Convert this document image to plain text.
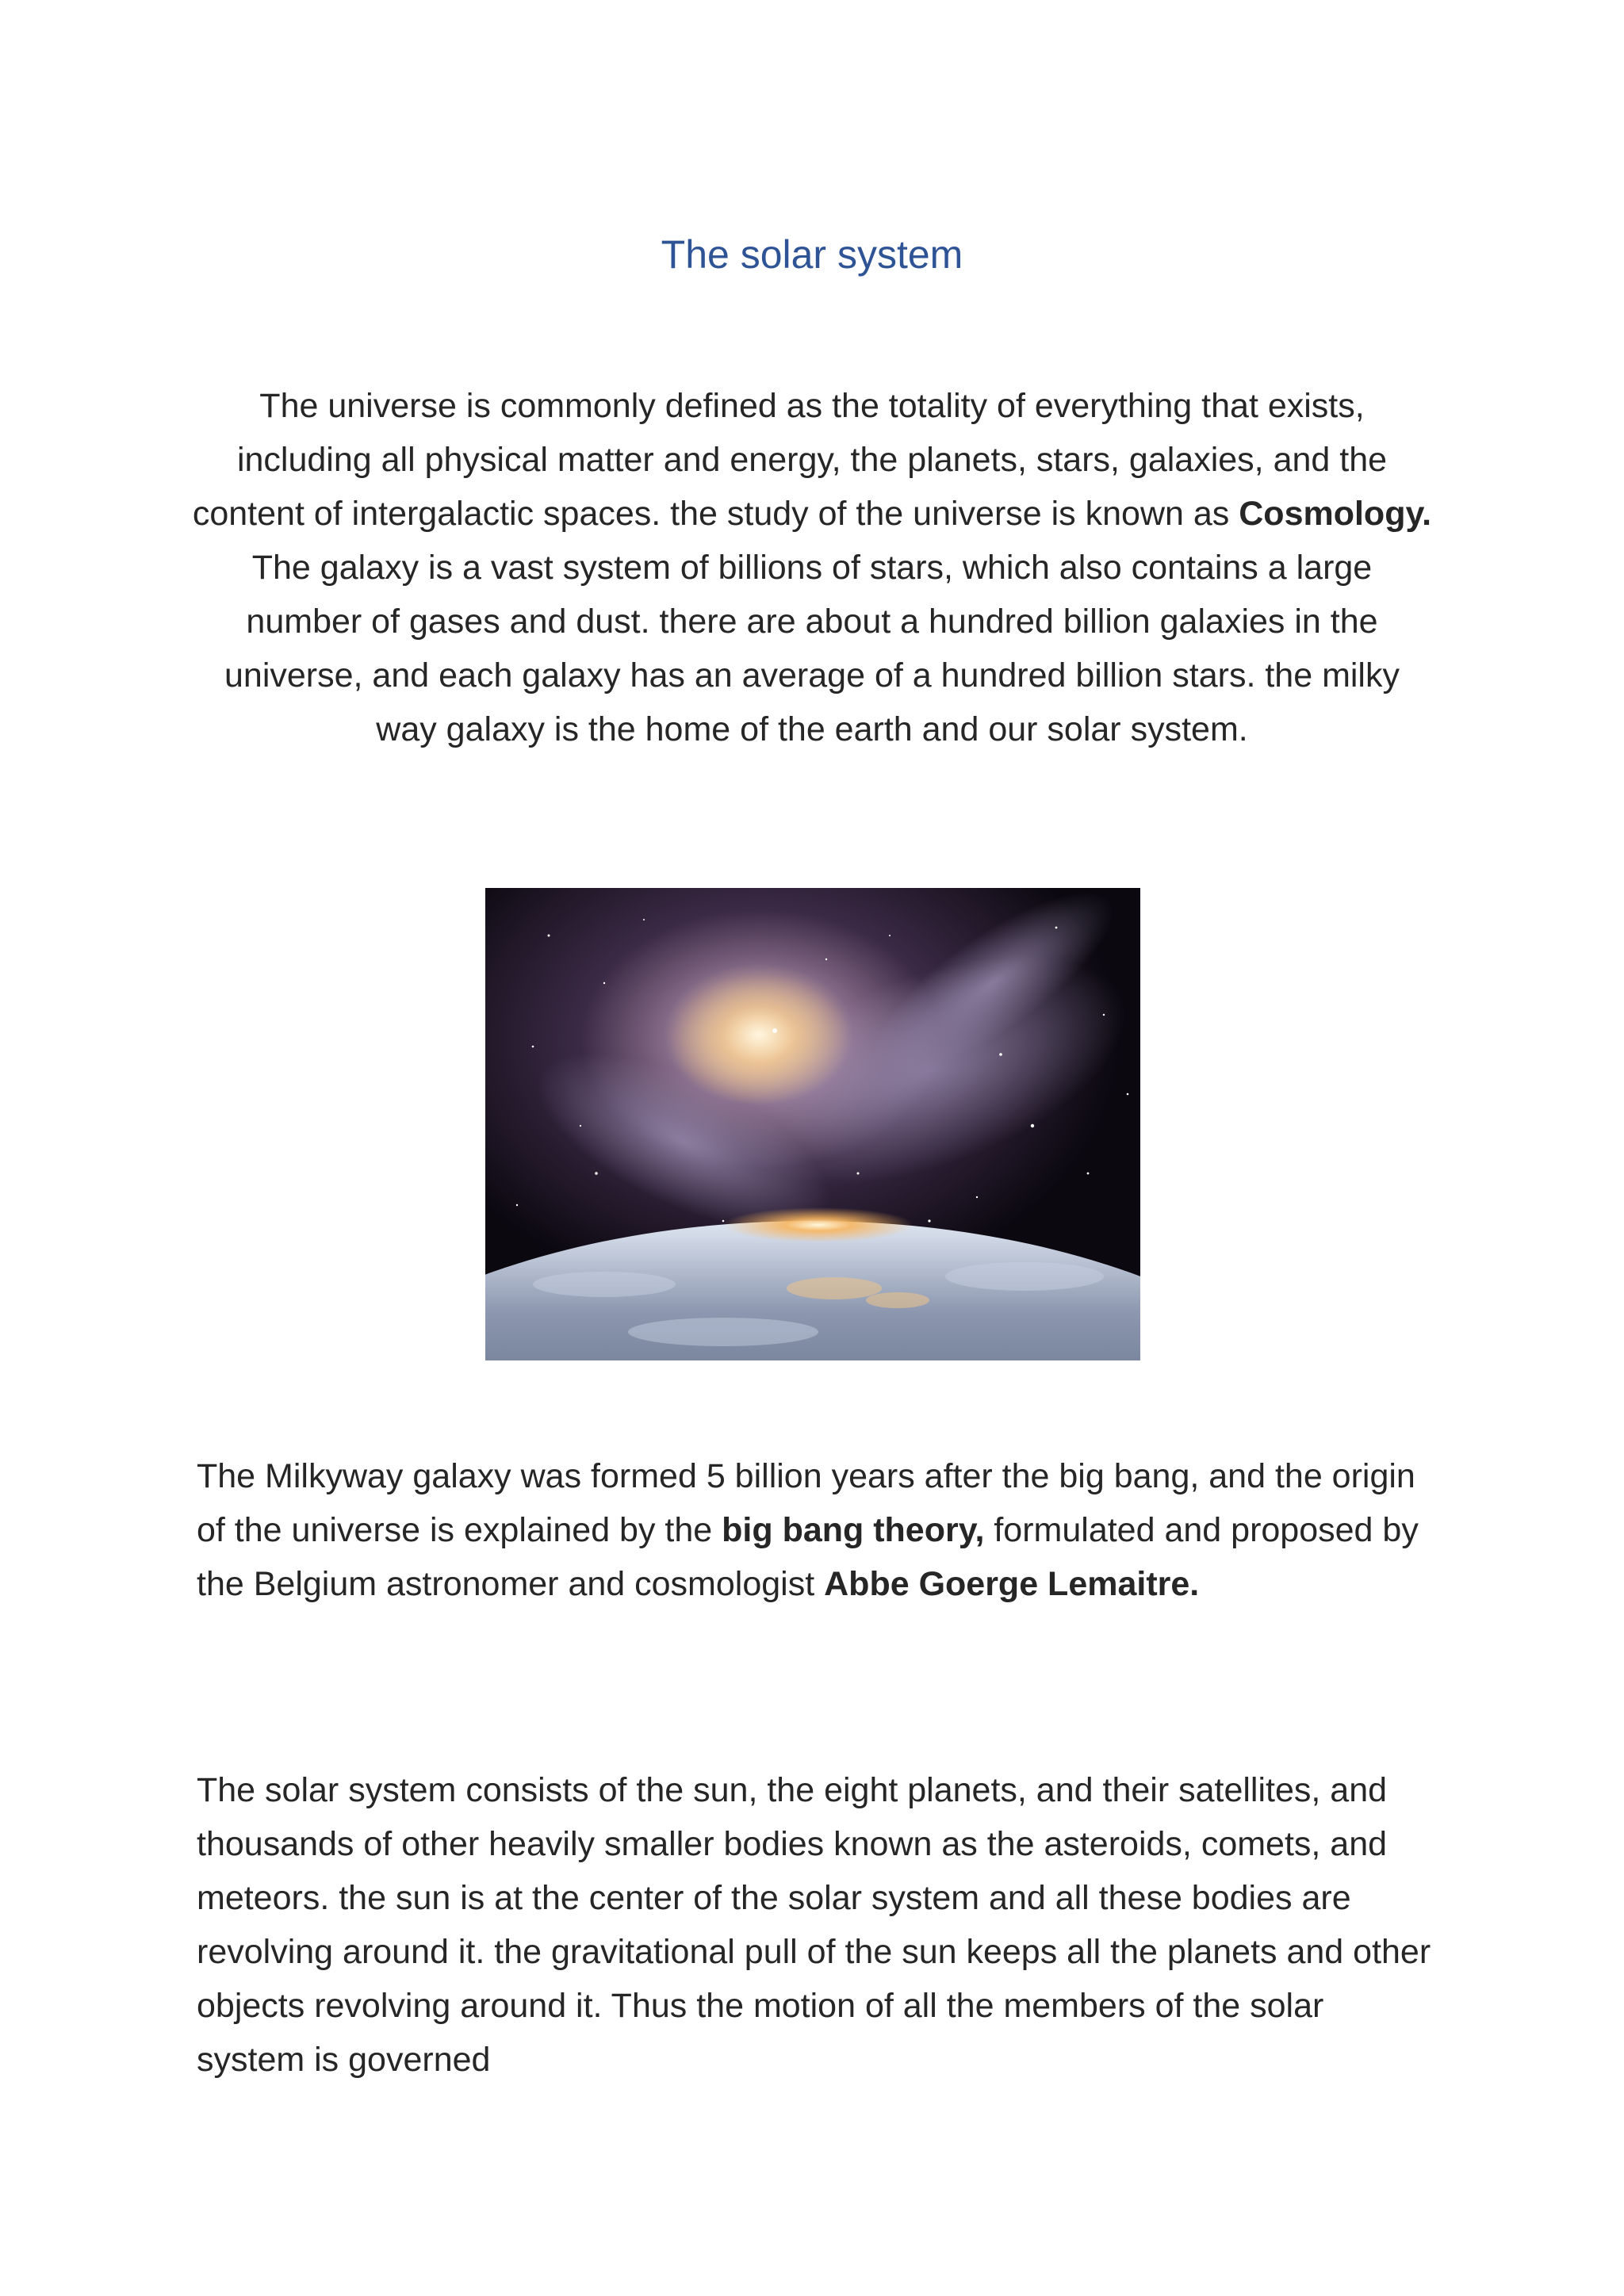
The solar system

The universe is commonly defined as the totality of everything that exists, including all physical matter and energy, the planets, stars, galaxies, and the content of intergalactic spaces. the study of the universe is known as Cosmology. The galaxy is a vast system of billions of stars, which also contains a large number of gases and dust. there are about a hundred billion galaxies in the universe, and each galaxy has an average of a hundred billion stars. the milky way galaxy is the home of the earth and our solar system.

The Milkyway galaxy was formed 5 billion years after the big bang, and the origin of the universe is explained by the big bang theory, formulated and proposed by the Belgium astronomer and cosmologist Abbe Goerge Lemaitre.

The solar system consists of the sun, the eight planets, and their satellites, and thousands of other heavily smaller bodies known as the asteroids, comets, and meteors. the sun is at the center of the solar system and all these bodies are revolving around it. the gravitational pull of the sun keeps all the planets and other objects revolving around it. Thus the motion of all the members of the solar system is governed
